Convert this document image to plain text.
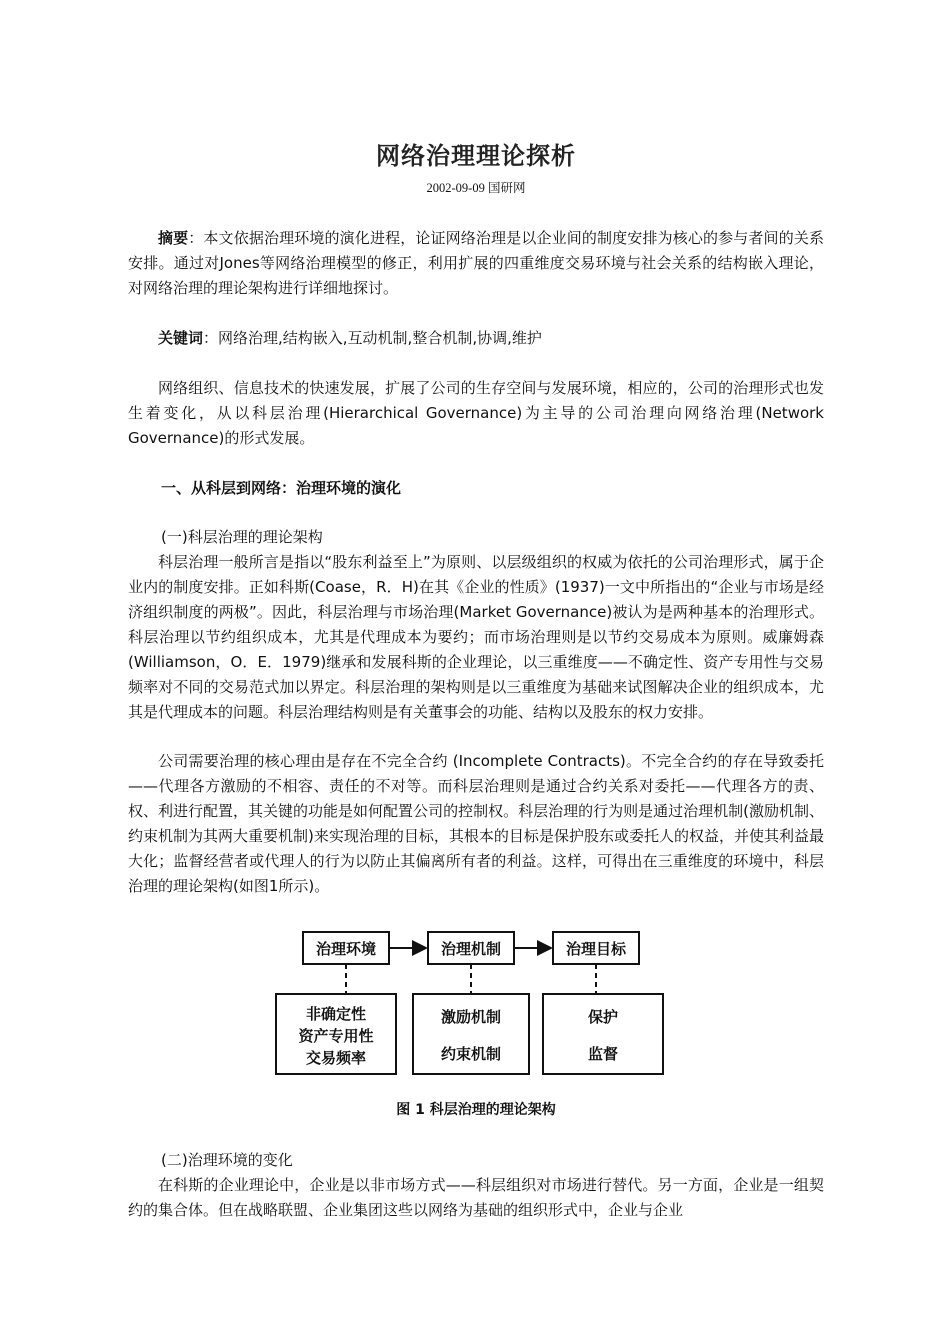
网络治理理论探析
2002-09-09 国研网
摘要：本文依据治理环境的演化进程，论证网络治理是以企业间的制度安排为核心的参与者间的关系安排。通过对Jones等网络治理模型的修正，利用扩展的四重维度交易环境与社会关系的结构嵌入理论，对网络治理的理论架构进行详细地探讨。
关键词：网络治理,结构嵌入,互动机制,整合机制,协调,维护
网络组织、信息技术的快速发展，扩展了公司的生存空间与发展环境，相应的，公司的治理形式也发生着变化，从以科层治理(Hierarchical Governance)为主导的公司治理向网络治理(Network Governance)的形式发展。
一、从科层到网络：治理环境的演化
(一)科层治理的理论架构
科层治理一般所言是指以“股东利益至上”为原则、以层级组织的权威为依托的公司治理形式，属于企业内的制度安排。正如科斯(Coase，R．H)在其《企业的性质》(1937)一文中所指出的“企业与市场是经济组织制度的两极”。因此，科层治理与市场治理(Market Governance)被认为是两种基本的治理形式。科层治理以节约组织成本，尤其是代理成本为要约；而市场治理则是以节约交易成本为原则。威廉姆森(Williamson，O．E．1979)继承和发展科斯的企业理论，以三重维度——不确定性、资产专用性与交易频率对不同的交易范式加以界定。科层治理的架构则是以三重维度为基础来试图解决企业的组织成本，尤其是代理成本的问题。科层治理结构则是有关董事会的功能、结构以及股东的权力安排。
公司需要治理的核心理由是存在不完全合约 (Incomplete Contracts)。不完全合约的存在导致委托——代理各方激励的不相容、责任的不对等。而科层治理则是通过合约关系对委托——代理各方的责、权、利进行配置，其关键的功能是如何配置公司的控制权。科层治理的行为则是通过治理机制(激励机制、约束机制为其两大重要机制)来实现治理的目标，其根本的目标是保护股东或委托人的权益，并使其利益最大化；监督经营者或代理人的行为以防止其偏离所有者的利益。这样，可得出在三重维度的环境中，科层治理的理论架构(如图1所示)。
治理环境	治理机制	治理目标
非确定性
资产专用性
交易频率
激励机制
约束机制
保护
监督
图 1 科层治理的理论架构
(二)治理环境的变化
在科斯的企业理论中，企业是以非市场方式——科层组织对市场进行替代。另一方面，企业是一组契约的集合体。但在战略联盟、企业集团这些以网络为基础的组织形式中，企业与企业
